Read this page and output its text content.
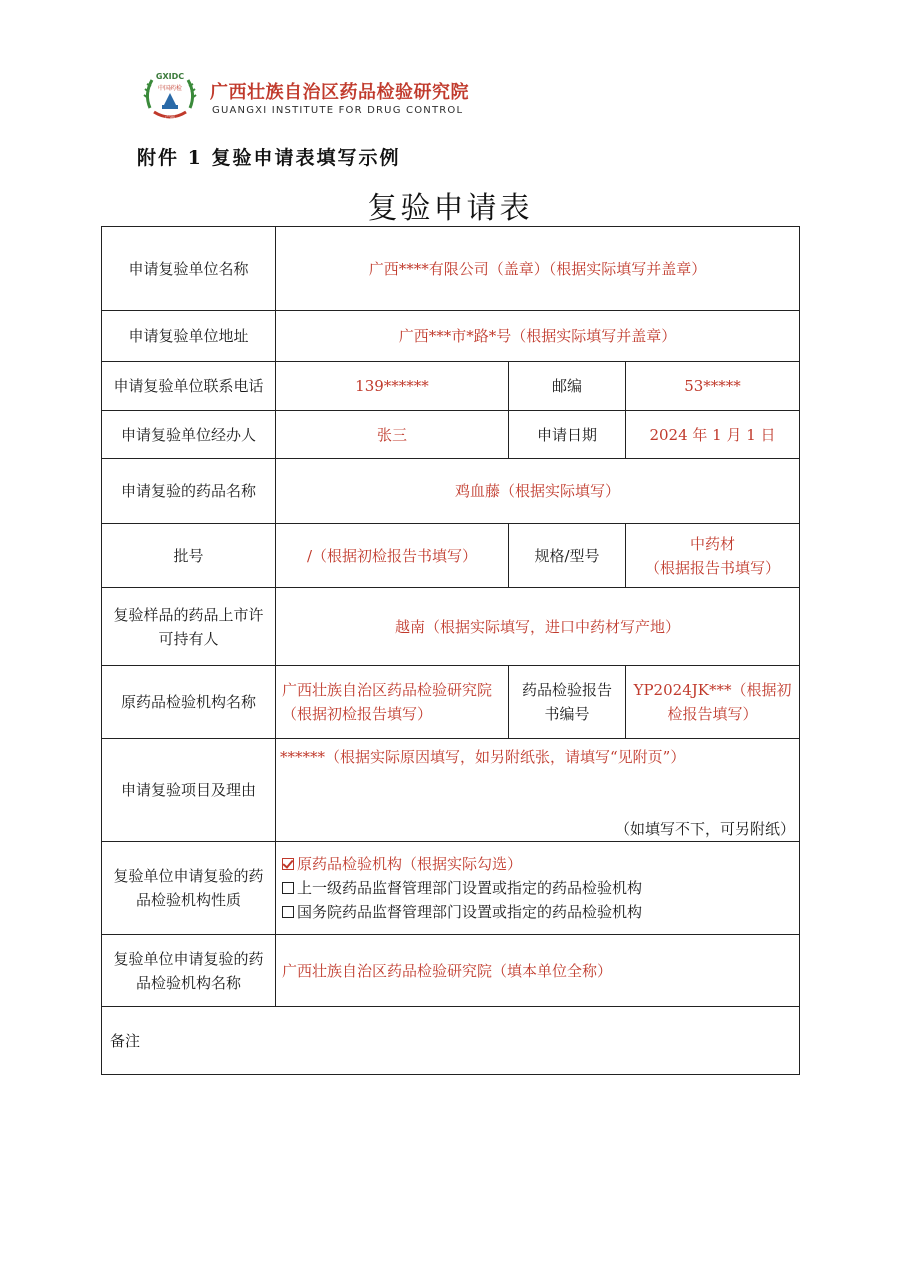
GXIDC
中国药检
广西
广西壮族自治区药品检验研究院
GUANGXI INSTITUTE FOR DRUG CONTROL
附件 1 复验申请表填写示例
复验申请表
申请复验单位名称	广西****有限公司（盖章）（根据实际填写并盖章）		
申请复验单位地址	广西***市*路*号（根据实际填写并盖章）		
申请复验单位联系电话	139******	邮编	53*****
申请复验单位经办人	张三	申请日期	2024 年 1 月 1 日
申请复验的药品名称	鸡血藤（根据实际填写）		
批号	/（根据初检报告书填写）	规格/型号	中药材
（根据报告书填写）

复验样品的药品上市许可持有人	越南（根据实际填写，进口中药材写产地）		
原药品检验机构名称	广西壮族自治区药品检验研究院（根据初检报告填写）	药品检验报告书编号	YP2024JK***（根据初检报告填写）
申请复验项目及理由	******（根据实际原因填写，如另附纸张，请填写“见附页”）
（如填写不下，可另附纸）		

复验单位申请复验的药品检验机构性质	原药品检验机构（根据实际勾选）
上一级药品监督管理部门设置或指定的药品检验机构
国务院药品监督管理部门设置或指定的药品检验机构		

复验单位申请复验的药品检验机构名称	广西壮族自治区药品检验研究院（填本单位全称）		
备注			
